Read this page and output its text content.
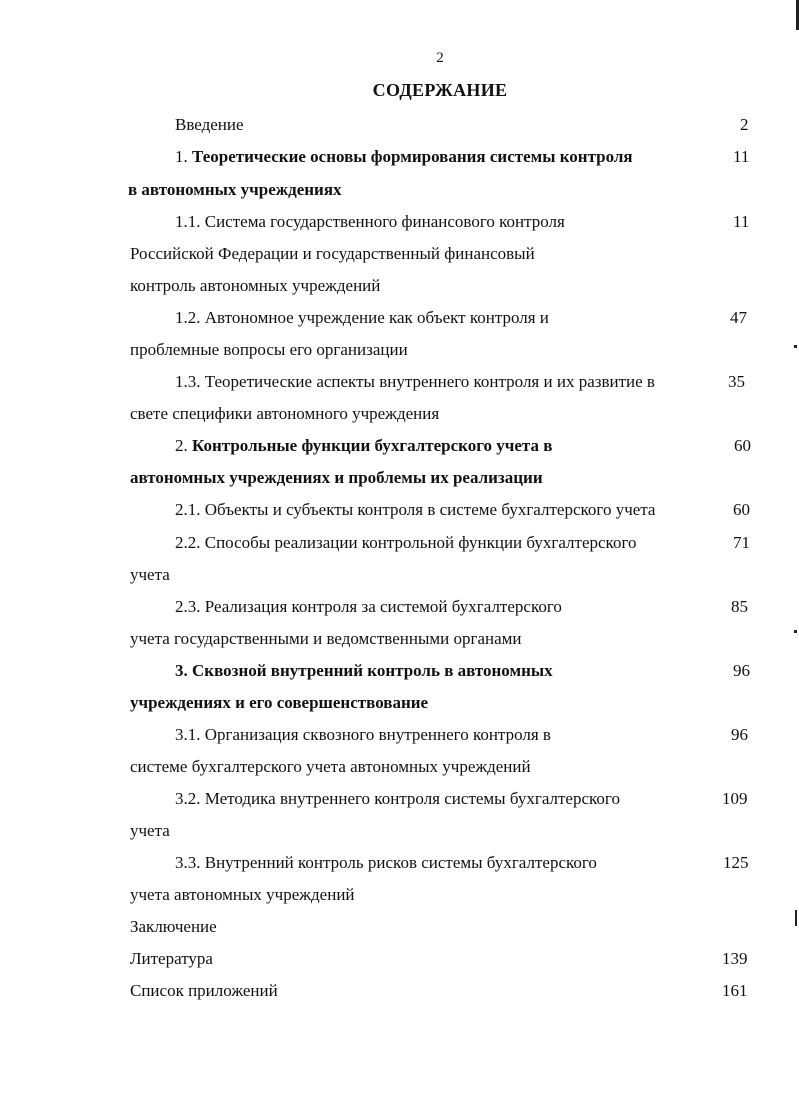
2
СОДЕРЖАНИЕ
Введение	2
1. Теоретические основы формирования системы контроля	11
в автономных учреждениях
1.1. Система государственного финансового контроля	11
Российской Федерации и государственный финансовый
контроль автономных учреждений
1.2. Автономное учреждение как объект контроля и	47
проблемные вопросы его организации
1.3. Теоретические аспекты внутреннего контроля и их развитие в	35
свете специфики автономного учреждения
2. Контрольные функции бухгалтерского учета в	60
автономных учреждениях и проблемы их реализации
2.1. Объекты и субъекты контроля в системе бухгалтерского учета	60
2.2. Способы реализации контрольной функции бухгалтерского	71
учета
2.3. Реализация контроля за системой бухгалтерского	85
учета государственными и ведомственными органами
3. Сквозной внутренний контроль в автономных	96
учреждениях и его совершенствование
3.1. Организация сквозного внутреннего контроля в	96
системе бухгалтерского учета автономных учреждений
3.2. Методика внутреннего контроля системы бухгалтерского	109
учета
3.3. Внутренний контроль рисков системы бухгалтерского	125
учета автономных учреждений
Заключение
Литература	139
Список приложений	161
